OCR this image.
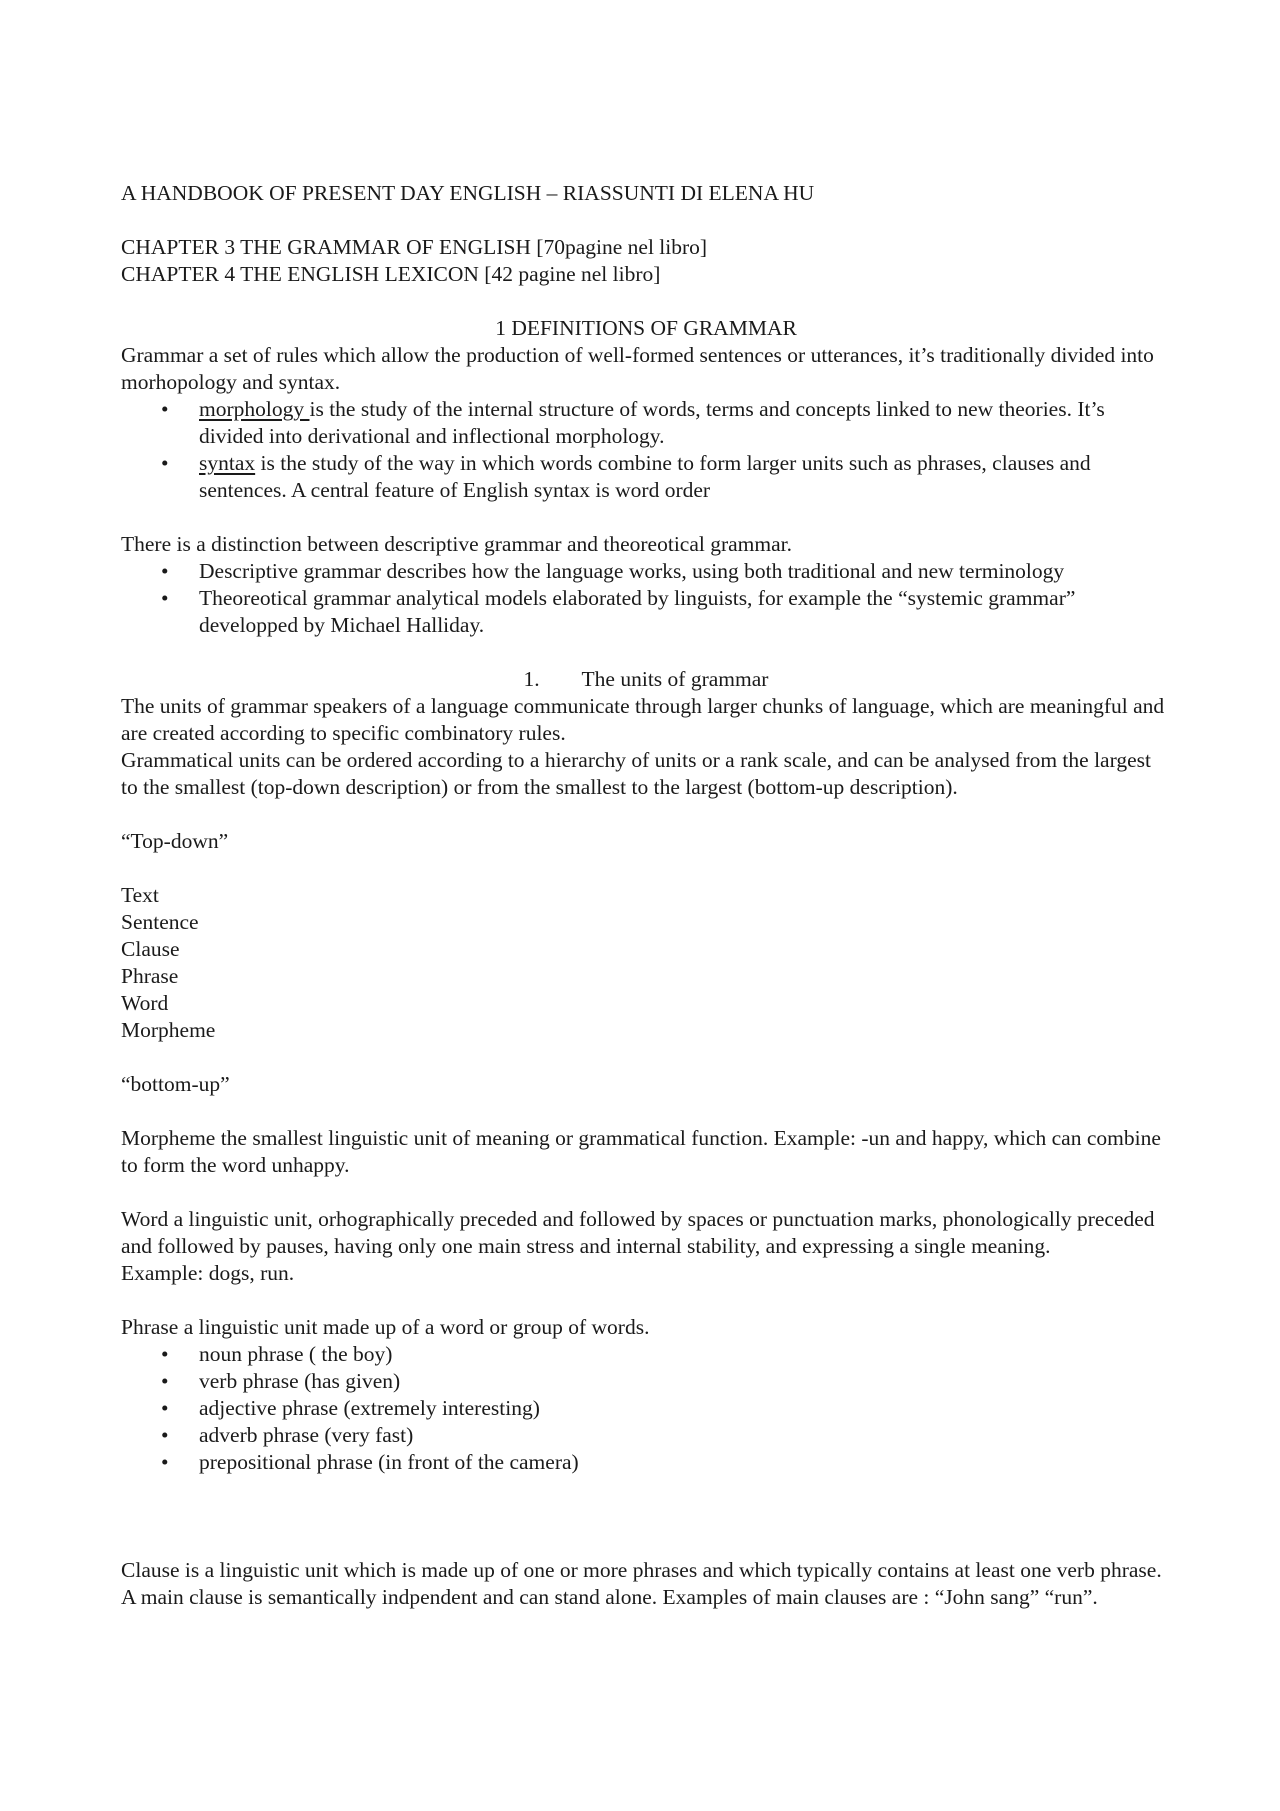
A HANDBOOK OF PRESENT DAY ENGLISH – RIASSUNTI DI ELENA HU

CHAPTER 3 THE GRAMMAR OF ENGLISH [70pagine nel libro]

CHAPTER 4 THE ENGLISH LEXICON [42 pagine nel libro]

1 DEFINITIONS OF GRAMMAR

Grammar a set of rules which allow the production of well-formed sentences or utterances, it’s traditionally divided into morhopology and syntax.

• morphology is the study of the internal structure of words, terms and concepts linked to new theories. It’s divided into derivational and inflectional morphology.
• syntax is the study of the way in which words combine to form larger units such as phrases, clauses and sentences. A central feature of English syntax is word order

There is a distinction between descriptive grammar and theoreotical grammar.

• Descriptive grammar describes how the language works, using both traditional and new terminology
• Theoreotical grammar analytical models elaborated by linguists, for example the “systemic grammar” developped by Michael Halliday.

1. The units of grammar

The units of grammar speakers of a language communicate through larger chunks of language, which are meaningful and are created according to specific combinatory rules.

Grammatical units can be ordered according to a hierarchy of units or a rank scale, and can be analysed from the largest to the smallest (top-down description) or from the smallest to the largest (bottom-up description).

“Top-down”

Text

Sentence

Clause

Phrase

Word

Morpheme

“bottom-up”

Morpheme the smallest linguistic unit of meaning or grammatical function. Example: -un and happy, which can combine to form the word unhappy.

Word a linguistic unit, orhographically preceded and followed by spaces or punctuation marks, phonologically preceded and followed by pauses, having only one main stress and internal stability, and expressing a single meaning.

Example: dogs, run.

Phrase a linguistic unit made up of a word or group of words.

• noun phrase ( the boy)
• verb phrase (has given)
• adjective phrase (extremely interesting)
• adverb phrase (very fast)
• prepositional phrase (in front of the camera)

Clause is a linguistic unit which is made up of one or more phrases and which typically contains at least one verb phrase. A main clause is semantically indpendent and can stand alone. Examples of main clauses are : “John sang” “run”.
